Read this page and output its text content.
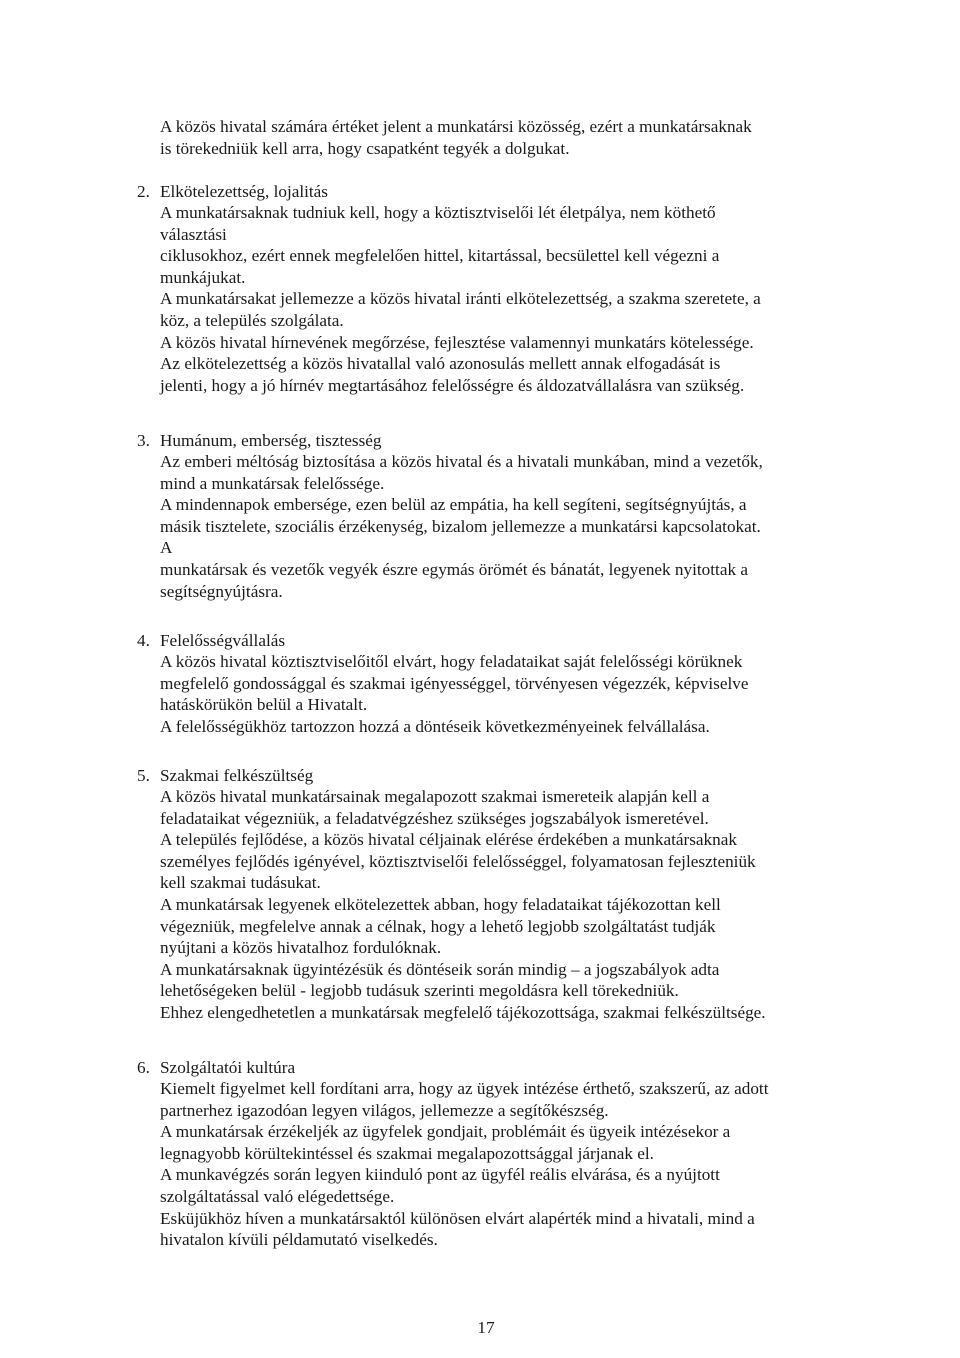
A közös hivatal számára értéket jelent a munkatársi közösség, ezért a munkatársaknak

is törekedniük kell arra, hogy csapatként tegyék a dolgukat.

2. Elkötelezettség, lojalitás

A munkatársaknak tudniuk kell, hogy a köztisztviselői lét életpálya, nem köthető

választási

ciklusokhoz, ezért ennek megfelelően hittel, kitartással, becsülettel kell végezni a

munkájukat.

A munkatársakat jellemezze a közös hivatal iránti elkötelezettség, a szakma szeretete, a

köz, a település szolgálata.

A közös hivatal hírnevének megőrzése, fejlesztése valamennyi munkatárs kötelessége.

Az elkötelezettség a közös hivatallal való azonosulás mellett annak elfogadását is

jelenti, hogy a jó hírnév megtartásához felelősségre és áldozatvállalásra van szükség.

3. Humánum, emberség, tisztesség

Az emberi méltóság biztosítása a közös hivatal és a hivatali munkában, mind a vezetők,

mind a munkatársak felelőssége.

A mindennapok embersége, ezen belül az empátia, ha kell segíteni, segítségnyújtás, a

másik tisztelete, szociális érzékenység, bizalom jellemezze a munkatársi kapcsolatokat.

A

munkatársak és vezetők vegyék észre egymás örömét és bánatát, legyenek nyitottak a

segítségnyújtásra.

4. Felelősségvállalás

A közös hivatal köztisztviselőitől elvárt, hogy feladataikat saját felelősségi körüknek

megfelelő gondossággal és szakmai igényességgel, törvényesen végezzék, képviselve

hatáskörükön belül a Hivatalt.

A felelősségükhöz tartozzon hozzá a döntéseik következményeinek felvállalása.

5. Szakmai felkészültség

A közös hivatal munkatársainak megalapozott szakmai ismereteik alapján kell a

feladataikat végezniük, a feladatvégzéshez szükséges jogszabályok ismeretével.

A település fejlődése, a közös hivatal céljainak elérése érdekében a munkatársaknak

személyes fejlődés igényével, köztisztviselői felelősséggel, folyamatosan fejleszteniük

kell szakmai tudásukat.

A munkatársak legyenek elkötelezettek abban, hogy feladataikat tájékozottan kell

végezniük, megfelelve annak a célnak, hogy a lehető legjobb szolgáltatást tudják

nyújtani a közös hivatalhoz fordulóknak.

A munkatársaknak ügyintézésük és döntéseik során mindig – a jogszabályok adta

lehetőségeken belül - legjobb tudásuk szerinti megoldásra kell törekedniük.

Ehhez elengedhetetlen a munkatársak megfelelő tájékozottsága, szakmai felkészültsége.

6. Szolgáltatói kultúra

Kiemelt figyelmet kell fordítani arra, hogy az ügyek intézése érthető, szakszerű, az adott

partnerhez igazodóan legyen világos, jellemezze a segítőkészség.

A munkatársak érzékeljék az ügyfelek gondjait, problémáit és ügyeik intézésekor a

legnagyobb körültekintéssel és szakmai megalapozottsággal járjanak el.

A munkavégzés során legyen kiinduló pont az ügyfél reális elvárása, és a nyújtott

szolgáltatással való elégedettsége.

Esküjükhöz híven a munkatársaktól különösen elvárt alapérték mind a hivatali, mind a

hivatalon kívüli példamutató viselkedés.

17
